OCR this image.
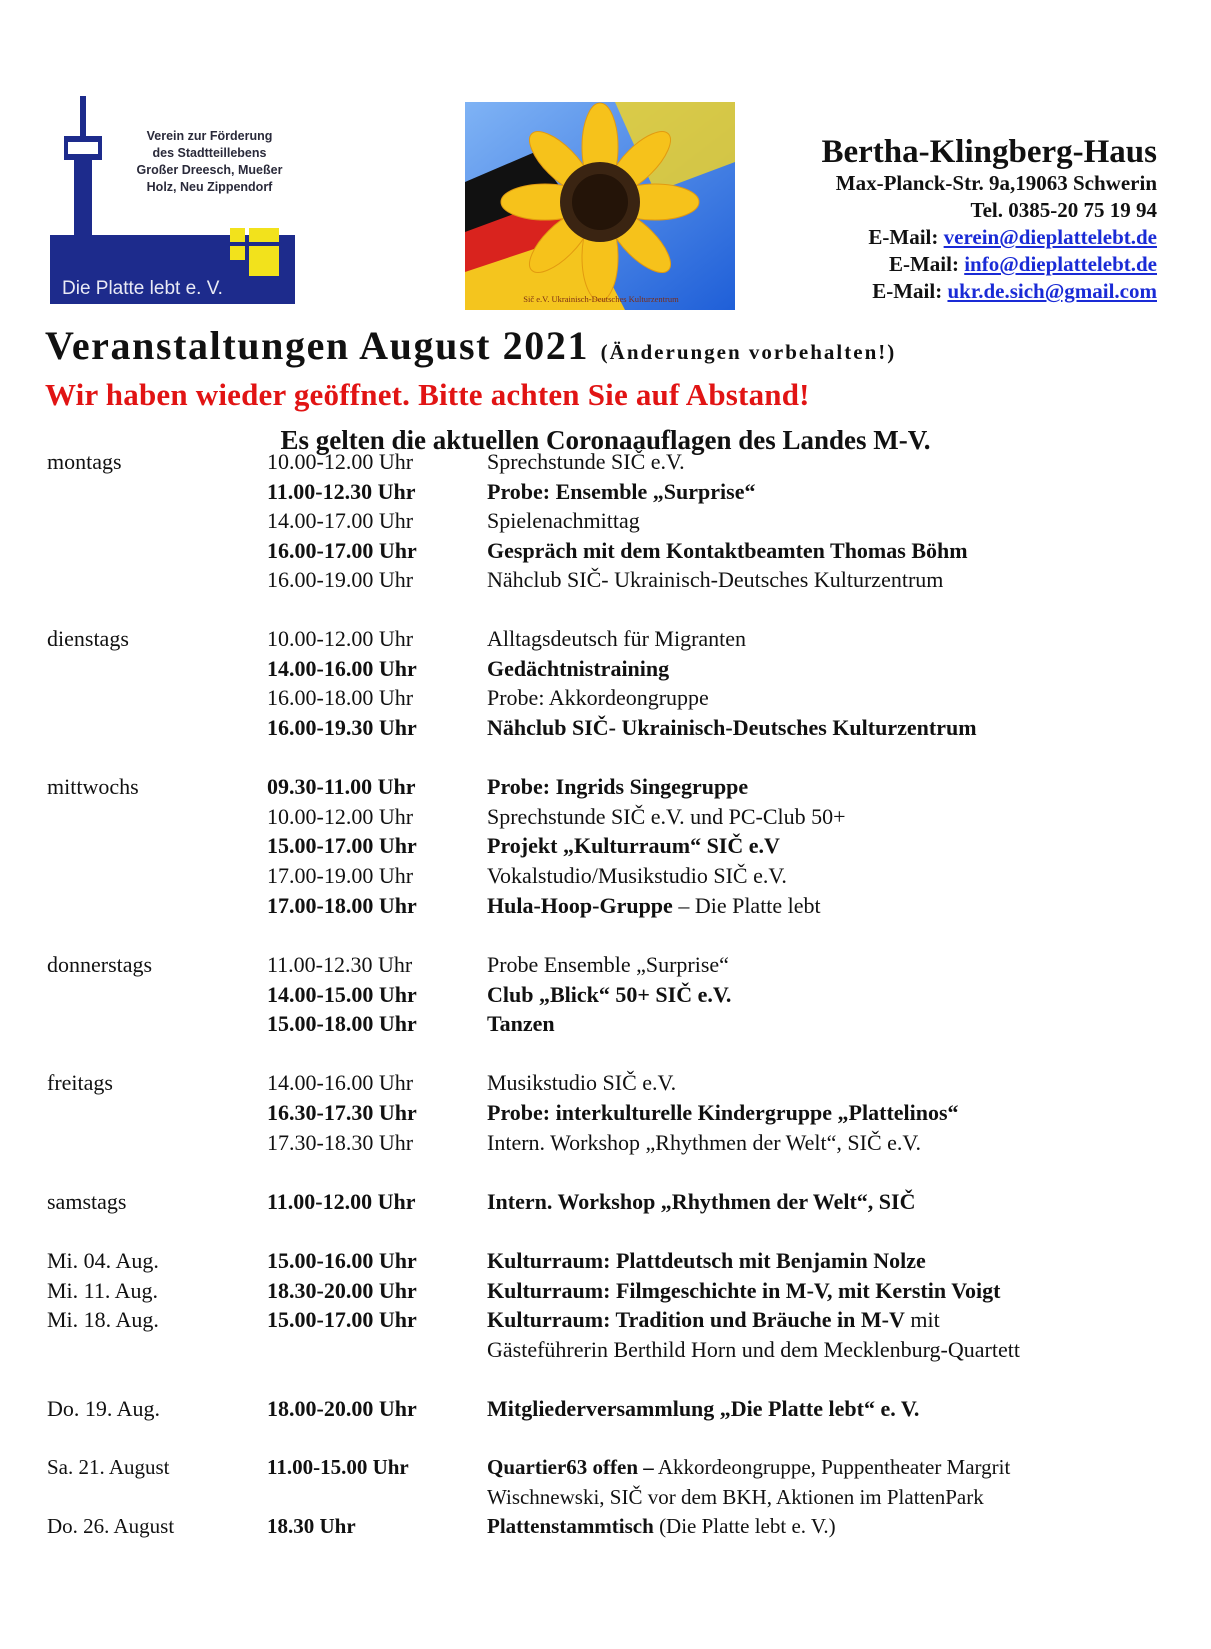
Verein zur Förderung
des Stadtteillebens
Großer Dreesch, Mueßer
Holz, Neu Zippendorf
Die Platte lebt e. V.	Sič e.V. Ukrainisch-Deutsches Kulturzentrum
Bertha-Klingberg-Haus
Max-Planck-Str. 9a,19063 Schwerin
Tel. 0385-20 75 19 94
E-Mail: verein@dieplattelebt.de
E-Mail: info@dieplattelebt.de
E-Mail: ukr.de.sich@gmail.com
Veranstaltungen August 2021 (Änderungen vorbehalten!)
Wir haben wieder geöffnet. Bitte achten Sie auf Abstand!
Es gelten die aktuellen Coronaauflagen des Landes M-V.
montags	10.00-12.00 Uhr	Sprechstunde SIČ e.V.
11.00-12.30 Uhr	Probe: Ensemble „Surprise“
14.00-17.00 Uhr	Spielenachmittag
16.00-17.00 Uhr	Gespräch mit dem Kontaktbeamten Thomas Böhm
16.00-19.00 Uhr	Nähclub SIČ- Ukrainisch-Deutsches Kulturzentrum
dienstags	10.00-12.00 Uhr	Alltagsdeutsch für Migranten
14.00-16.00 Uhr	Gedächtnistraining
16.00-18.00 Uhr	Probe: Akkordeongruppe
16.00-19.30 Uhr	Nähclub SIČ- Ukrainisch-Deutsches Kulturzentrum
mittwochs	09.30-11.00 Uhr	Probe: Ingrids Singegruppe
10.00-12.00 Uhr	Sprechstunde SIČ e.V. und PC-Club 50+
15.00-17.00 Uhr	Projekt „Kulturraum“ SIČ e.V
17.00-19.00 Uhr	Vokalstudio/Musikstudio SIČ e.V.
17.00-18.00 Uhr	Hula-Hoop-Gruppe – Die Platte lebt
donnerstags	11.00-12.30 Uhr	Probe Ensemble „Surprise“
14.00-15.00 Uhr	Club „Blick“ 50+ SIČ e.V.
15.00-18.00 Uhr	Tanzen
freitags	14.00-16.00 Uhr	Musikstudio SIČ e.V.
16.30-17.30 Uhr	Probe: interkulturelle Kindergruppe „Plattelinos“
17.30-18.30 Uhr	Intern. Workshop „Rhythmen der Welt“, SIČ e.V.
samstags	11.00-12.00 Uhr	Intern. Workshop „Rhythmen der Welt“, SIČ
Mi. 04. Aug.	15.00-16.00 Uhr	Kulturraum: Plattdeutsch mit Benjamin Nolze
Mi. 11. Aug.	18.30-20.00 Uhr	Kulturraum: Filmgeschichte in M-V, mit Kerstin Voigt
Mi. 18. Aug.	15.00-17.00 Uhr	Kulturraum: Tradition und Bräuche in M-V mit
Gästeführerin Berthild Horn und dem Mecklenburg-Quartett
Do. 19. Aug.	18.00-20.00 Uhr	Mitgliederversammlung „Die Platte lebt“ e. V.
Sa. 21. August	11.00-15.00 Uhr	Quartier63 offen – Akkordeongruppe, Puppentheater Margrit
Wischnewski, SIČ vor dem BKH, Aktionen im PlattenPark
Do. 26. August	18.30 Uhr	Plattenstammtisch (Die Platte lebt e. V.)
